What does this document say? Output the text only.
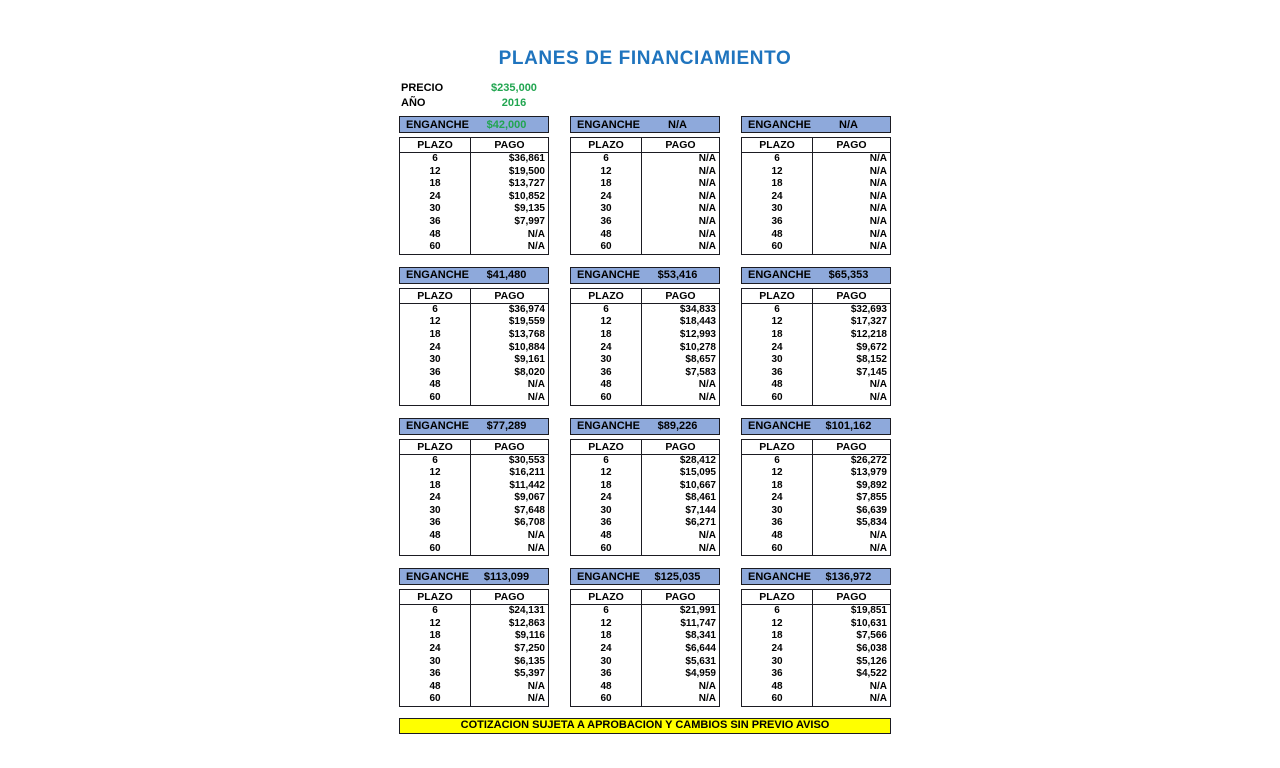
PLANES DE FINANCIAMIENTO
PRECIO	$235,000
AÑO	2016
ENGANCHE	$42,000
PLAZO	PAGO
6	$36,861
12	$19,500
18	$13,727
24	$10,852
30	$9,135
36	$7,997
48	N/A
60	N/A
ENGANCHE	N/A
PLAZO	PAGO
6	N/A
12	N/A
18	N/A
24	N/A
30	N/A
36	N/A
48	N/A
60	N/A
ENGANCHE	N/A
PLAZO	PAGO
6	N/A
12	N/A
18	N/A
24	N/A
30	N/A
36	N/A
48	N/A
60	N/A
ENGANCHE	$41,480
PLAZO	PAGO
6	$36,974
12	$19,559
18	$13,768
24	$10,884
30	$9,161
36	$8,020
48	N/A
60	N/A
ENGANCHE	$53,416
PLAZO	PAGO
6	$34,833
12	$18,443
18	$12,993
24	$10,278
30	$8,657
36	$7,583
48	N/A
60	N/A
ENGANCHE	$65,353
PLAZO	PAGO
6	$32,693
12	$17,327
18	$12,218
24	$9,672
30	$8,152
36	$7,145
48	N/A
60	N/A
ENGANCHE	$77,289
PLAZO	PAGO
6	$30,553
12	$16,211
18	$11,442
24	$9,067
30	$7,648
36	$6,708
48	N/A
60	N/A
ENGANCHE	$89,226
PLAZO	PAGO
6	$28,412
12	$15,095
18	$10,667
24	$8,461
30	$7,144
36	$6,271
48	N/A
60	N/A
ENGANCHE	$101,162
PLAZO	PAGO
6	$26,272
12	$13,979
18	$9,892
24	$7,855
30	$6,639
36	$5,834
48	N/A
60	N/A
ENGANCHE	$113,099
PLAZO	PAGO
6	$24,131
12	$12,863
18	$9,116
24	$7,250
30	$6,135
36	$5,397
48	N/A
60	N/A
ENGANCHE	$125,035
PLAZO	PAGO
6	$21,991
12	$11,747
18	$8,341
24	$6,644
30	$5,631
36	$4,959
48	N/A
60	N/A
ENGANCHE	$136,972
PLAZO	PAGO
6	$19,851
12	$10,631
18	$7,566
24	$6,038
30	$5,126
36	$4,522
48	N/A
60	N/A
COTIZACION SUJETA A APROBACION Y CAMBIOS SIN PREVIO AVISO
